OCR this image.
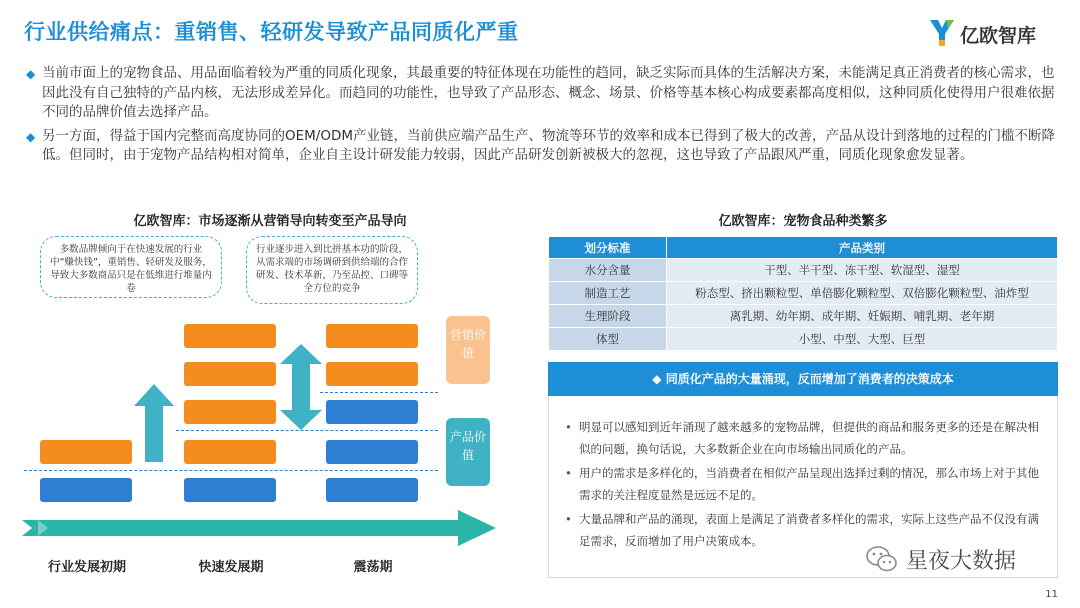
行业供给痛点：重销售、轻研发导致产品同质化严重	亿欧智库
◆ 当前市面上的宠物食品、用品面临着较为严重的同质化现象，其最重要的特征体现在功能性的趋同，缺乏实际而具体的生活解决方案，未能满足真正消费者的核心需求，也因此没有自己独特的产品内核，无法形成差异化。而趋同的功能性，也导致了产品形态、概念、场景、价格等基本核心构成要素都高度相似，这种同质化使得用户很难依据不同的品牌价值去选择产品。
◆ 另一方面，得益于国内完整而高度协同的OEM/ODM产业链，当前供应端产品生产、物流等环节的效率和成本已得到了极大的改善，产品从设计到落地的过程的门槛不断降低。但同时，由于宠物产品结构相对简单，企业自主设计研发能力较弱，因此产品研发创新被极大的忽视，这也导致了产品跟风严重，同质化现象愈发显著。
亿欧智库：市场逐渐从营销导向转变至产品导向
多数品牌倾向于在快速发展的行业中“赚快钱”，重销售、轻研发及服务，导致大多数商品只是在低维进行堆量内卷
行业逐步进入到比拼基本功的阶段，从需求端的市场调研到供给端的合作研发、技术革新，乃至品控、口碑等全方位的竞争
营销价值
产品价值
行业发展初期	快速发展期	震荡期
亿欧智库：宠物食品种类繁多
划分标准	产品类别
水分含量	干型、半干型、冻干型、软湿型、湿型
制造工艺	粉态型、挤出颗粒型、单倍膨化颗粒型、双倍膨化颗粒型、油炸型
生理阶段	离乳期、幼年期、成年期、妊娠期、哺乳期、老年期
体型	小型、中型、大型、巨型
◆ 同质化产品的大量涌现，反而增加了消费者的决策成本
• 明显可以感知到近年涌现了越来越多的宠物品牌，但提供的商品和服务更多的还是在解决相似的问题，换句话说，大多数新企业在向市场输出同质化的产品。
• 用户的需求是多样化的，当消费者在相似产品呈现出选择过剩的情况，那么市场上对于其他需求的关注程度显然是远远不足的。
• 大量品牌和产品的涌现，表面上是满足了消费者多样化的需求，实际上这些产品不仅没有满足需求，反而增加了用户决策成本。
星夜大数据
11
